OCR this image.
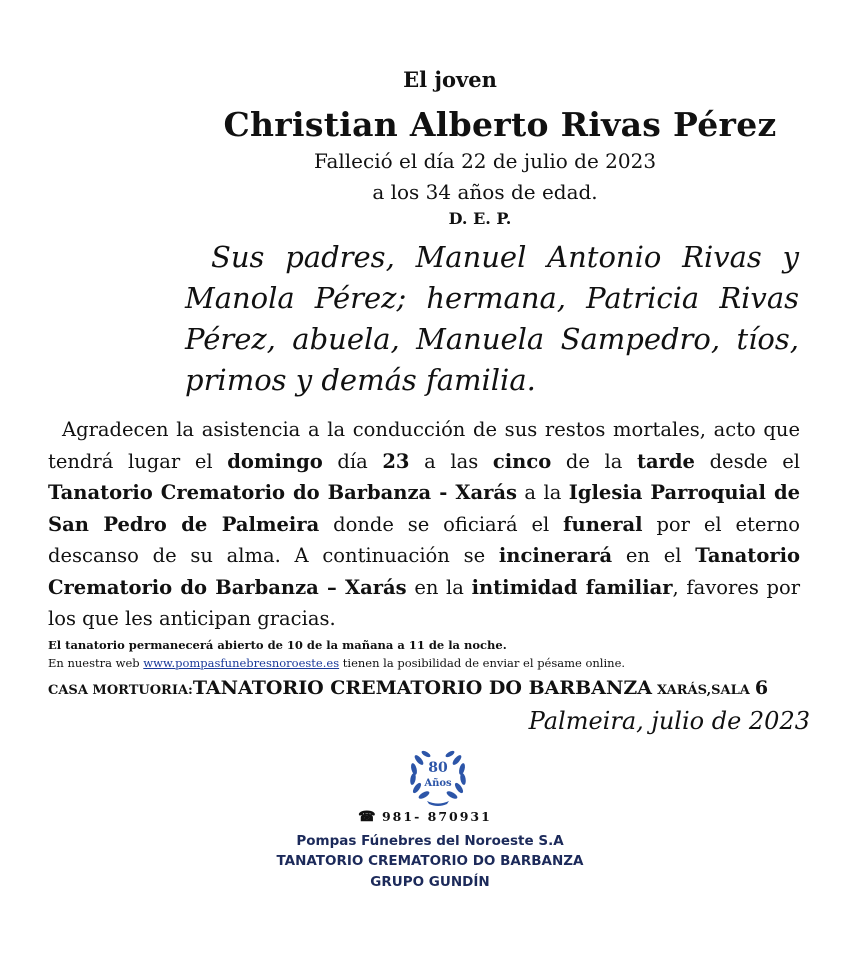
El joven
Christian Alberto Rivas Pérez
Falleció el día 22 de julio de 2023
a los 34 años de edad.
D. E. P.
Sus padres, Manuel Antonio Rivas y Manola Pérez; hermana, Patricia Rivas Pérez, abuela, Manuela Sampedro, tíos, primos y demás familia.
Agradecen la asistencia a la conducción de sus restos mortales, acto que tendrá lugar el domingo día 23 a las cinco de la tarde desde el Tanatorio Crematorio do Barbanza - Xarás a la Iglesia Parroquial de San Pedro de Palmeira donde se oficiará el funeral por el eterno descanso de su alma. A continuación se incinerará en el Tanatorio Crematorio do Barbanza – Xarás en la intimidad familiar, favores por los que les anticipan gracias.
El tanatorio permanecerá abierto de 10 de la mañana a 11 de la noche.
En nuestra web www.pompasfunebresnoroeste.es tienen la posibilidad de enviar el pésame online.
CASA MORTUORIA:TANATORIO CREMATORIO DO BARBANZA XARÁS,SALA 6
Palmeira, julio de 2023
80
Años
☎ 981- 870931
Pompas Fúnebres del Noroeste S.A
TANATORIO CREMATORIO DO BARBANZA
GRUPO GUNDÍN
